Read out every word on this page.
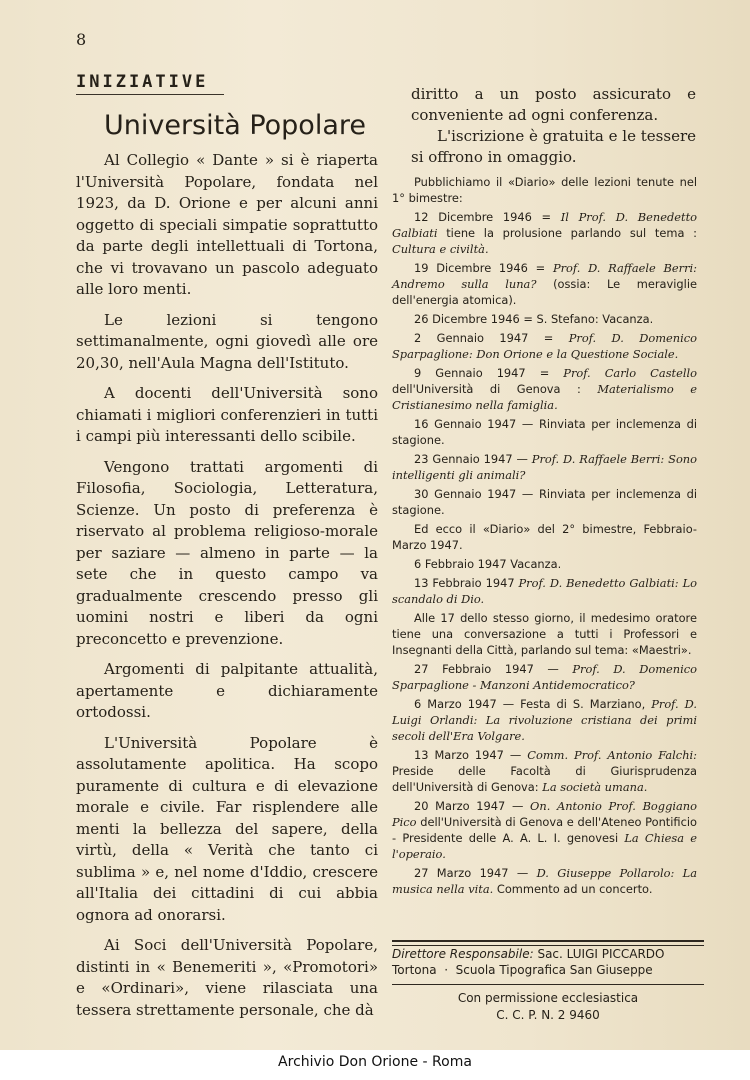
8
INIZIATIVE
Università Popolare

Al Collegio « Dante » si è riaperta l'Università Popolare, fondata nel 1923, da D. Orione e per alcuni anni oggetto di speciali simpatie soprattutto da parte degli intellettuali di Tortona, che vi trovavano un pascolo adeguato alle loro menti.

Le lezioni si tengono settimanalmente, ogni giovedì alle ore 20,30, nell'Aula Magna dell'Istituto.

A docenti dell'Università sono chiamati i migliori conferenzieri in tutti i campi più interessanti dello scibile.

Vengono trattati argomenti di Filosofia, Sociologia, Letteratura, Scienze. Un posto di preferenza è riservato al problema religioso-morale per saziare — almeno in parte — la sete che in questo campo va gradualmente crescendo presso gli uomini nostri e liberi da ogni preconcetto e prevenzione.

Argomenti di palpitante attualità, apertamente e dichiaramente ortodossi.

L'Università Popolare è assolutamente apolitica. Ha scopo puramente di cultura e di elevazione morale e civile. Far risplendere alle menti la bellezza del sapere, della virtù, della « Verità che tanto ci sublima » e, nel nome d'Iddio, crescere all'Italia dei cittadini di cui abbia ognora ad onorarsi.

Ai Soci dell'Università Popolare, distinti in « Benemeriti », «Promotori» e «Ordinari», viene rilasciata una tessera strettamente personale, che dà

diritto a un posto assicurato e conveniente ad ogni conferenza.

L'iscrizione è gratuita e le tessere si offrono in omaggio.

Pubblichiamo il «Diario» delle lezioni tenute nel 1° bimestre:

12 Dicembre 1946 = Il Prof. D. Benedetto Galbiati tiene la prolusione parlando sul tema : Cultura e civiltà.

19 Dicembre 1946 = Prof. D. Raffaele Berri: Andremo sulla luna? (ossia: Le meraviglie dell'energia atomica).

26 Dicembre 1946 = S. Stefano: Vacanza.

2 Gennaio 1947 = Prof. D. Domenico Sparpaglione: Don Orione e la Questione Sociale.

9 Gennaio 1947 = Prof. Carlo Castello dell'Università di Genova : Materialismo e Cristianesimo nella famiglia.

16 Gennaio 1947 — Rinviata per inclemenza di stagione.

23 Gennaio 1947 — Prof. D. Raffaele Berri: Sono intelligenti gli animali?

30 Gennaio 1947 — Rinviata per inclemenza di stagione.

Ed ecco il «Diario» del 2° bimestre, Febbraio-Marzo 1947.

6 Febbraio 1947 Vacanza.

13 Febbraio 1947 Prof. D. Benedetto Galbiati: Lo scandalo di Dio.

Alle 17 dello stesso giorno, il medesimo oratore tiene una conversazione a tutti i Professori e Insegnanti della Città, parlando sul tema: «Maestri».

27 Febbraio 1947 — Prof. D. Domenico Sparpaglione - Manzoni Antidemocratico?

6 Marzo 1947 — Festa di S. Marziano, Prof. D. Luigi Orlandi: La rivoluzione cristiana dei primi secoli dell'Era Volgare.

13 Marzo 1947 — Comm. Prof. Antonio Falchi: Preside delle Facoltà di Giurisprudenza dell'Università di Genova: La società umana.

20 Marzo 1947 — On. Antonio Prof. Boggiano Pico dell'Università di Genova e dell'Ateneo Pontificio - Presidente delle A. A. L. I. genovesi La Chiesa e l'operaio.

27 Marzo 1947 — D. Giuseppe Pollarolo: La musica nella vita. Commento ad un concerto.

Direttore Responsabile: Sac. LUIGI PICCARDO
Tortona  ·  Scuola Tipografica San Giuseppe
Con permissione ecclesiastica
C. C. P. N. 2 9460
Archivio Don Orione - Roma
